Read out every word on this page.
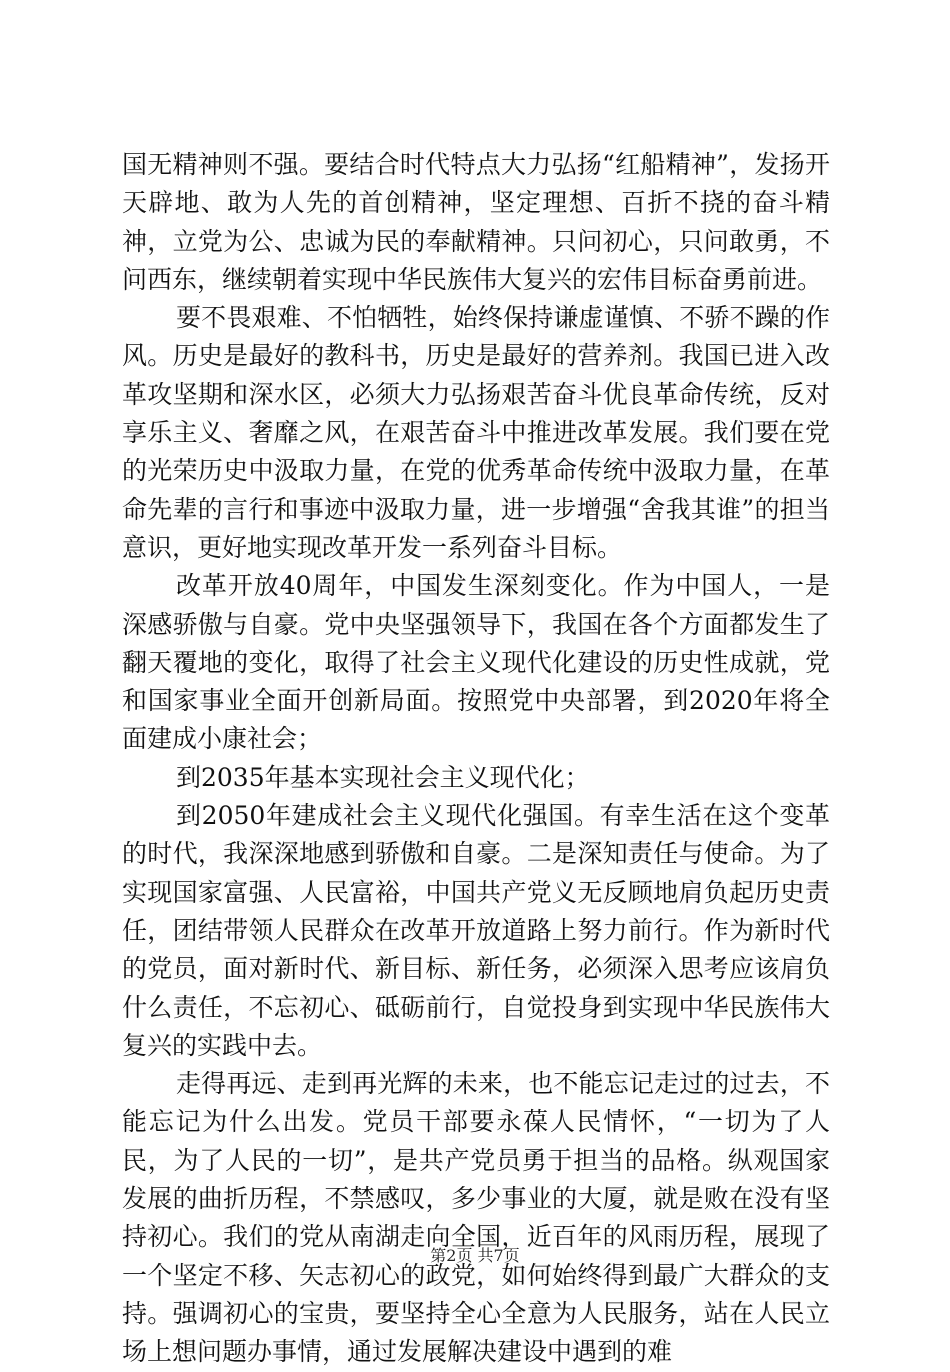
国无精神则不强。要结合时代特点大力弘扬“红船精神”，发扬开天辟地、敢为人先的首创精神，坚定理想、百折不挠的奋斗精神，立党为公、忠诚为民的奉献精神。只问初心，只问敢勇，不问西东，继续朝着实现中华民族伟大复兴的宏伟目标奋勇前进。

要不畏艰难、不怕牺牲，始终保持谦虚谨慎、不骄不躁的作风。历史是最好的教科书，历史是最好的营养剂。我国已进入改革攻坚期和深水区，必须大力弘扬艰苦奋斗优良革命传统，反对享乐主义、奢靡之风，在艰苦奋斗中推进改革发展。我们要在党的光荣历史中汲取力量，在党的优秀革命传统中汲取力量，在革命先辈的言行和事迹中汲取力量，进一步增强“舍我其谁”的担当意识，更好地实现改革开发一系列奋斗目标。

改革开放40周年，中国发生深刻变化。作为中国人，一是深感骄傲与自豪。党中央坚强领导下，我国在各个方面都发生了翻天覆地的变化，取得了社会主义现代化建设的历史性成就，党和国家事业全面开创新局面。按照党中央部署，到2020年将全面建成小康社会；

到2035年基本实现社会主义现代化；

到2050年建成社会主义现代化强国。有幸生活在这个变革的时代，我深深地感到骄傲和自豪。二是深知责任与使命。为了实现国家富强、人民富裕，中国共产党义无反顾地肩负起历史责任，团结带领人民群众在改革开放道路上努力前行。作为新时代的党员，面对新时代、新目标、新任务，必须深入思考应该肩负什么责任，不忘初心、砥砺前行，自觉投身到实现中华民族伟大复兴的实践中去。

走得再远、走到再光辉的未来，也不能忘记走过的过去，不能忘记为什么出发。党员干部要永葆人民情怀，“一切为了人民，为了人民的一切”，是共产党员勇于担当的品格。纵观国家发展的曲折历程，不禁感叹，多少事业的大厦，就是败在没有坚持初心。我们的党从南湖走向全国，近百年的风雨历程，展现了一个坚定不移、矢志初心的政党，如何始终得到最广大群众的支持。强调初心的宝贵，要坚持全心全意为人民服务，站在人民立场上想问题办事情，通过发展解决建设中遇到的难

第2页 共7页
